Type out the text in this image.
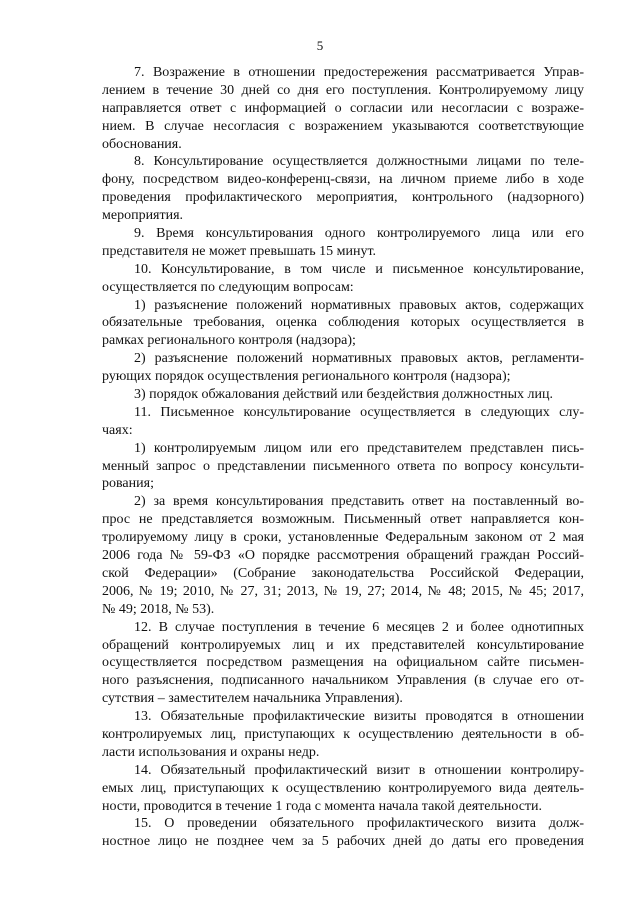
5
7. Возражение в отношении предостережения рассматривается Управ-
лением в течение 30 дней со дня его поступления. Контролируемому лицу
направляется ответ с информацией о согласии или несогласии с возраже-
нием. В случае несогласия с возражением указываются соответствующие
обоснования.
8. Консультирование осуществляется должностными лицами по теле-
фону, посредством видео-конференц-связи, на личном приеме либо в ходе
проведения профилактического мероприятия, контрольного (надзорного)
мероприятия.
9. Время консультирования одного контролируемого лица или его
представителя не может превышать 15 минут.
10. Консультирование, в том числе и письменное консультирование,
осуществляется по следующим вопросам:
1) разъяснение положений нормативных правовых актов, содержащих
обязательные требования, оценка соблюдения которых осуществляется в
рамках регионального контроля (надзора);
2) разъяснение положений нормативных правовых актов, регламенти-
рующих порядок осуществления регионального контроля (надзора);
3) порядок обжалования действий или бездействия должностных лиц.
11. Письменное консультирование осуществляется в следующих слу-
чаях:
1) контролируемым лицом или его представителем представлен пись-
менный запрос о представлении письменного ответа по вопросу консульти-
рования;
2) за время консультирования представить ответ на поставленный во-
прос не представляется возможным. Письменный ответ направляется кон-
тролируемому лицу в сроки, установленные Федеральным законом от 2 мая
2006 года № 59-ФЗ «О порядке рассмотрения обращений граждан Россий-
ской Федерации» (Собрание законодательства Российской Федерации,
2006, № 19; 2010, № 27, 31; 2013, № 19, 27; 2014, № 48; 2015, № 45; 2017,
№ 49; 2018, № 53).
12. В случае поступления в течение 6 месяцев 2 и более однотипных
обращений контролируемых лиц и их представителей консультирование
осуществляется посредством размещения на официальном сайте письмен-
ного разъяснения, подписанного начальником Управления (в случае его от-
сутствия – заместителем начальника Управления).
13. Обязательные профилактические визиты проводятся в отношении
контролируемых лиц, приступающих к осуществлению деятельности в об-
ласти использования и охраны недр.
14. Обязательный профилактический визит в отношении контролиру-
емых лиц, приступающих к осуществлению контролируемого вида деятель-
ности, проводится в течение 1 года с момента начала такой деятельности.
15. О проведении обязательного профилактического визита долж-
ностное лицо не позднее чем за 5 рабочих дней до даты его проведения
